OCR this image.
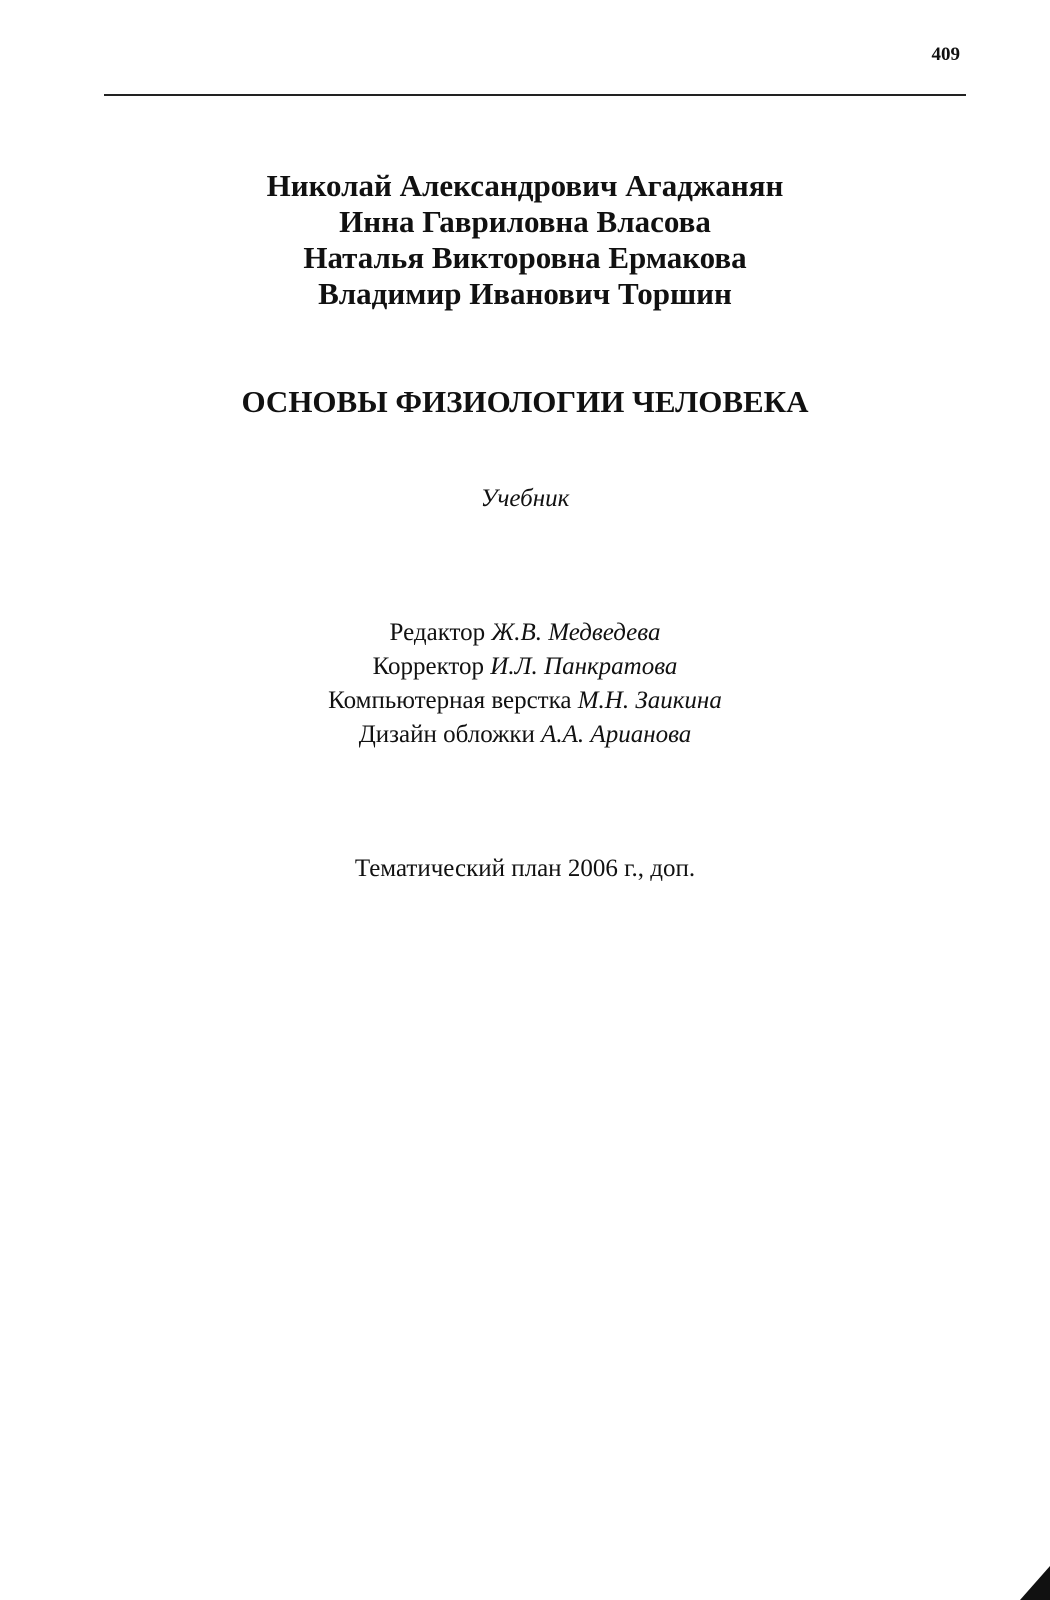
409
Николай Александрович Агаджанян
Инна Гавриловна Власова
Наталья Викторовна Ермакова
Владимир Иванович Торшин
ОСНОВЫ ФИЗИОЛОГИИ ЧЕЛОВЕКА
Учебник
Редактор Ж.В. Медведева
Корректор И.Л. Панкратова
Компьютерная верстка М.Н. Заикина
Дизайн обложки А.А. Арианова
Тематический план 2006 г., доп.
